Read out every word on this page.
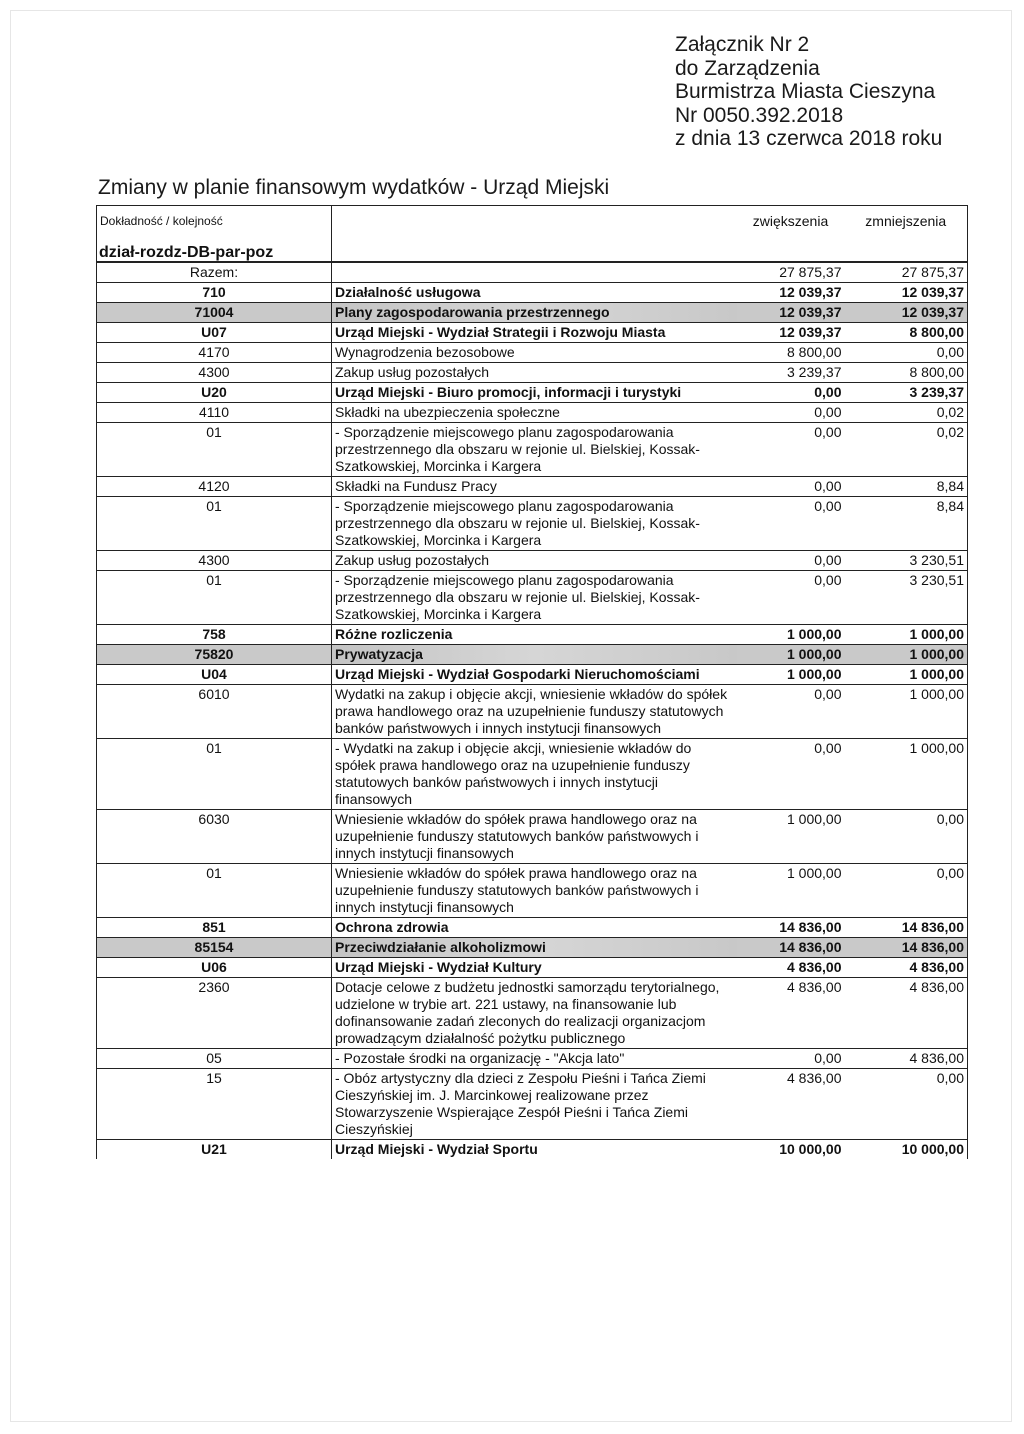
Załącznik Nr 2
do Zarządzenia
Burmistrza Miasta Cieszyna
Nr 0050.392.2018
z dnia 13 czerwca 2018 roku
Zmiany w planie finansowym wydatków - Urząd Miejski
Dokładność / kolejność		zwiększenia	zmniejszenia
dział-rozdz-DB-par-poz			
Razem:		27 875,37	27 875,37
710	Działalność usługowa	12 039,37	12 039,37
71004	Plany zagospodarowania przestrzennego	12 039,37	12 039,37
U07	Urząd Miejski - Wydział Strategii i Rozwoju Miasta	12 039,37	8 800,00
4170	Wynagrodzenia bezosobowe	8 800,00	0,00
4300	Zakup usług pozostałych	3 239,37	8 800,00
U20	Urząd Miejski - Biuro promocji, informacji i turystyki	0,00	3 239,37
4110	Składki na ubezpieczenia społeczne	0,00	0,02
01	- Sporządzenie miejscowego planu zagospodarowania przestrzennego dla obszaru w rejonie ul. Bielskiej, Kossak-Szatkowskiej, Morcinka i Kargera	0,00	0,02
4120	Składki na Fundusz Pracy	0,00	8,84
01	- Sporządzenie miejscowego planu zagospodarowania przestrzennego dla obszaru w rejonie ul. Bielskiej, Kossak-Szatkowskiej, Morcinka i Kargera	0,00	8,84
4300	Zakup usług pozostałych	0,00	3 230,51
01	- Sporządzenie miejscowego planu zagospodarowania przestrzennego dla obszaru w rejonie ul. Bielskiej, Kossak-Szatkowskiej, Morcinka i Kargera	0,00	3 230,51
758	Różne rozliczenia	1 000,00	1 000,00
75820	Prywatyzacja	1 000,00	1 000,00
U04	Urząd Miejski - Wydział Gospodarki Nieruchomościami	1 000,00	1 000,00
6010	Wydatki na zakup i objęcie akcji, wniesienie wkładów do spółek prawa handlowego oraz na uzupełnienie funduszy statutowych banków państwowych i innych instytucji finansowych	0,00	1 000,00
01	- Wydatki na zakup i objęcie akcji, wniesienie wkładów do spółek prawa handlowego oraz na uzupełnienie funduszy statutowych banków państwowych i innych instytucji finansowych	0,00	1 000,00
6030	Wniesienie wkładów do spółek prawa handlowego oraz na uzupełnienie funduszy statutowych banków państwowych i innych instytucji finansowych	1 000,00	0,00
01	Wniesienie wkładów do spółek prawa handlowego oraz na uzupełnienie funduszy statutowych banków państwowych i innych instytucji finansowych	1 000,00	0,00
851	Ochrona zdrowia	14 836,00	14 836,00
85154	Przeciwdziałanie alkoholizmowi	14 836,00	14 836,00
U06	Urząd Miejski - Wydział Kultury	4 836,00	4 836,00
2360	Dotacje celowe z budżetu jednostki samorządu terytorialnego, udzielone w trybie art. 221 ustawy, na finansowanie lub dofinansowanie zadań zleconych do realizacji organizacjom prowadzącym działalność pożytku publicznego	4 836,00	4 836,00
05	- Pozostałe środki na organizację - "Akcja lato"	0,00	4 836,00
15	- Obóz artystyczny dla dzieci z Zespołu Pieśni i Tańca Ziemi Cieszyńskiej im. J. Marcinkowej realizowane przez Stowarzyszenie Wspierające Zespół Pieśni i Tańca Ziemi Cieszyńskiej	4 836,00	0,00
U21	Urząd Miejski - Wydział Sportu	10 000,00	10 000,00
